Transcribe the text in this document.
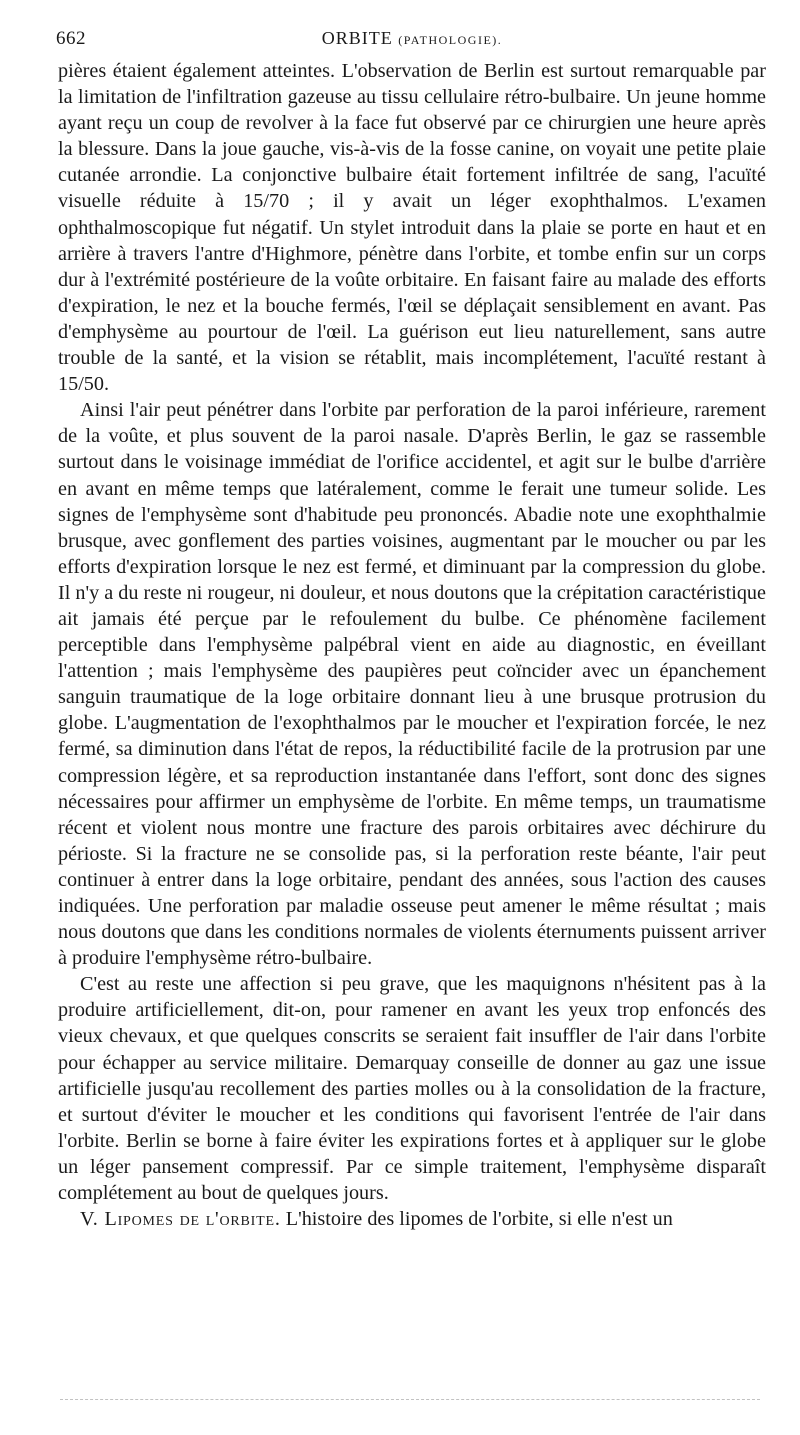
662	ORBITE (PATHOLOGIE).

pières étaient également atteintes. L'observation de Berlin est surtout remarquable par la limitation de l'infiltration gazeuse au tissu cellulaire rétro-bulbaire. Un jeune homme ayant reçu un coup de revolver à la face fut observé par ce chirurgien une heure après la blessure. Dans la joue gauche, vis-à-vis de la fosse canine, on voyait une petite plaie cutanée arrondie. La conjonctive bulbaire était fortement infiltrée de sang, l'acuïté visuelle réduite à 15/70 ; il y avait un léger exophthalmos. L'examen ophthalmoscopique fut négatif. Un stylet introduit dans la plaie se porte en haut et en arrière à travers l'antre d'Highmore, pénètre dans l'orbite, et tombe enfin sur un corps dur à l'extrémité postérieure de la voûte orbitaire. En faisant faire au malade des efforts d'expiration, le nez et la bouche fermés, l'œil se déplaçait sensiblement en avant. Pas d'emphysème au pourtour de l'œil. La guérison eut lieu naturellement, sans autre trouble de la santé, et la vision se rétablit, mais incomplétement, l'acuïté restant à 15/50.

Ainsi l'air peut pénétrer dans l'orbite par perforation de la paroi inférieure, rarement de la voûte, et plus souvent de la paroi nasale. D'après Berlin, le gaz se rassemble surtout dans le voisinage immédiat de l'orifice accidentel, et agit sur le bulbe d'arrière en avant en même temps que latéralement, comme le ferait une tumeur solide. Les signes de l'emphysème sont d'habitude peu prononcés. Abadie note une exophthalmie brusque, avec gonflement des parties voisines, augmentant par le moucher ou par les efforts d'expiration lorsque le nez est fermé, et diminuant par la compression du globe. Il n'y a du reste ni rougeur, ni douleur, et nous doutons que la crépitation caractéristique ait jamais été perçue par le refoulement du bulbe. Ce phénomène facilement perceptible dans l'emphysème palpébral vient en aide au diagnostic, en éveillant l'attention ; mais l'emphysème des paupières peut coïncider avec un épanchement sanguin traumatique de la loge orbitaire donnant lieu à une brusque protrusion du globe. L'augmentation de l'exophthalmos par le moucher et l'expiration forcée, le nez fermé, sa diminution dans l'état de repos, la réductibilité facile de la protrusion par une compression légère, et sa reproduction instantanée dans l'effort, sont donc des signes nécessaires pour affirmer un emphysème de l'orbite. En même temps, un traumatisme récent et violent nous montre une fracture des parois orbitaires avec déchirure du périoste. Si la fracture ne se consolide pas, si la perforation reste béante, l'air peut continuer à entrer dans la loge orbitaire, pendant des années, sous l'action des causes indiquées. Une perforation par maladie osseuse peut amener le même résultat ; mais nous doutons que dans les conditions normales de violents éternuments puissent arriver à produire l'emphysème rétro-bulbaire.

C'est au reste une affection si peu grave, que les maquignons n'hésitent pas à la produire artificiellement, dit-on, pour ramener en avant les yeux trop enfoncés des vieux chevaux, et que quelques conscrits se seraient fait insuffler de l'air dans l'orbite pour échapper au service militaire. Demarquay conseille de donner au gaz une issue artificielle jusqu'au recollement des parties molles ou à la consolidation de la fracture, et surtout d'éviter le moucher et les conditions qui favorisent l'entrée de l'air dans l'orbite. Berlin se borne à faire éviter les expirations fortes et à appliquer sur le globe un léger pansement compressif. Par ce simple traitement, l'emphysème disparaît complétement au bout de quelques jours.

V. Lipomes de l'orbite. L'histoire des lipomes de l'orbite, si elle n'est un
